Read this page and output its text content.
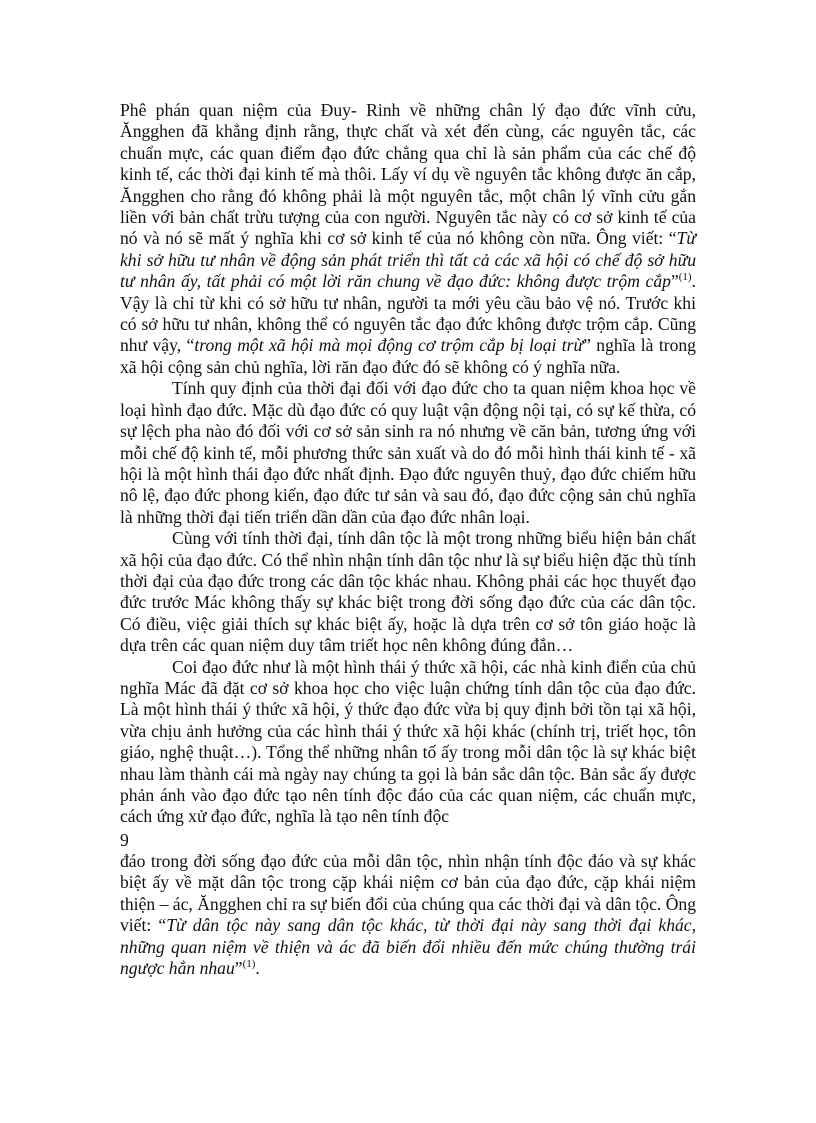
Phê phán quan niệm của Đuy- Rinh về những chân lý đạo đức vĩnh cửu, Ăngghen đã khẳng định rằng, thực chất và xét đến cùng, các nguyên tắc, các chuẩn mực, các quan điểm đạo đức chẳng qua chỉ là sản phẩm của các chế độ kinh tế, các thời đại kinh tế mà thôi. Lấy ví dụ về nguyên tắc không được ăn cắp, Ăngghen cho rằng đó không phải là một nguyên tắc, một chân lý vĩnh cửu gắn liền với bản chất trừu tượng của con người. Nguyên tắc này có cơ sở kinh tế của nó và nó sẽ mất ý nghĩa khi cơ sở kinh tế của nó không còn nữa. Ông viết: “Từ khi sở hữu tư nhân về động sản phát triển thì tất cả các xã hội có chế độ sở hữu tư nhân ấy, tất phải có một lời răn chung về đạo đức: không được trộm cắp”$^{(1)}$. Vậy là chỉ từ khi có sở hữu tư nhân, người ta mới yêu cầu bảo vệ nó. Trước khi có sở hữu tư nhân, không thể có nguyên tắc đạo đức không được trộm cắp. Cũng như vậy, “trong một xã hội mà mọi động cơ trộm cắp bị loại trừ” nghĩa là trong xã hội cộng sản chủ nghĩa, lời răn đạo đức đó sẽ không có ý nghĩa nữa.

Tính quy định của thời đại đối với đạo đức cho ta quan niệm khoa học về loại hình đạo đức. Mặc dù đạo đức có quy luật vận động nội tại, có sự kế thừa, có sự lệch pha nào đó đối với cơ sở sản sinh ra nó nhưng về căn bản, tương ứng với mỗi chế độ kinh tế, mỗi phương thức sản xuất và do đó mỗi hình thái kinh tế - xã hội là một hình thái đạo đức nhất định. Đạo đức nguyên thuỷ, đạo đức chiếm hữu nô lệ, đạo đức phong kiến, đạo đức tư sản và sau đó, đạo đức cộng sản chủ nghĩa là những thời đại tiến triển dần dần của đạo đức nhân loại.

Cùng với tính thời đại, tính dân tộc là một trong những biểu hiện bản chất xã hội của đạo đức. Có thể nhìn nhận tính dân tộc như là sự biểu hiện đặc thù tính thời đại của đạo đức trong các dân tộc khác nhau. Không phải các học thuyết đạo đức trước Mác không thấy sự khác biệt trong đời sống đạo đức của các dân tộc. Có điều, việc giải thích sự khác biệt ấy, hoặc là dựa trên cơ sở tôn giáo hoặc là dựa trên các quan niệm duy tâm triết học nên không đúng đắn…

Coi đạo đức như là một hình thái ý thức xã hội, các nhà kinh điển của chủ nghĩa Mác đã đặt cơ sở khoa học cho việc luận chứng tính dân tộc của đạo đức. Là một hình thái ý thức xã hội, ý thức đạo đức vừa bị quy định bởi tồn tại xã hội, vừa chịu ảnh hưởng của các hình thái ý thức xã hội khác (chính trị, triết học, tôn giáo, nghệ thuật…). Tổng thể những nhân tố ấy trong mỗi dân tộc là sự khác biệt nhau làm thành cái mà ngày nay chúng ta gọi là bản sắc dân tộc. Bản sắc ấy được phản ánh vào đạo đức tạo nên tính độc đáo của các quan niệm, các chuẩn mực, cách ứng xử đạo đức, nghĩa là tạo nên tính độc

9

đáo trong đời sống đạo đức của mỗi dân tộc, nhìn nhận tính độc đáo và sự khác biệt ấy về mặt dân tộc trong cặp khái niệm cơ bản của đạo đức, cặp khái niệm thiện – ác, Ăngghen chỉ ra sự biến đổi của chúng qua các thời đại và dân tộc. Ông viết: “Từ dân tộc này sang dân tộc khác, từ thời đại này sang thời đại khác, những quan niệm về thiện và ác đã biến đổi nhiều đến mức chúng thường trái ngược hẳn nhau”$^{(1)}$.
